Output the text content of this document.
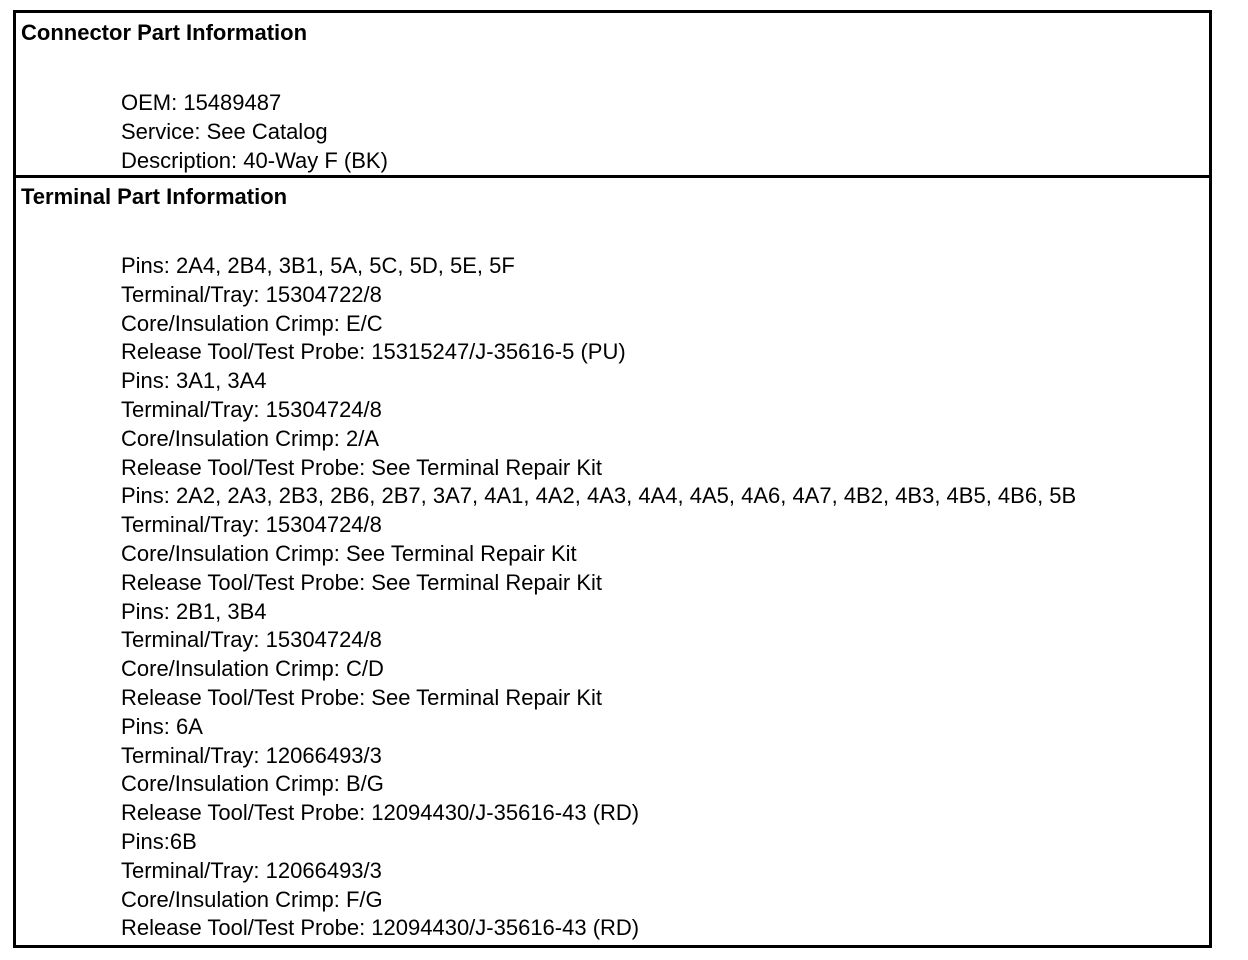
Connector Part Information
OEM: 15489487
Service: See Catalog
Description: 40-Way F (BK)
Terminal Part Information
Pins: 2A4, 2B4, 3B1, 5A, 5C, 5D, 5E, 5F
Terminal/Tray: 15304722/8
Core/Insulation Crimp: E/C
Release Tool/Test Probe: 15315247/J-35616-5 (PU)
Pins: 3A1, 3A4
Terminal/Tray: 15304724/8
Core/Insulation Crimp: 2/A
Release Tool/Test Probe: See Terminal Repair Kit
Pins: 2A2, 2A3, 2B3, 2B6, 2B7, 3A7, 4A1, 4A2, 4A3, 4A4, 4A5, 4A6, 4A7, 4B2, 4B3, 4B5, 4B6, 5B
Terminal/Tray: 15304724/8
Core/Insulation Crimp: See Terminal Repair Kit
Release Tool/Test Probe: See Terminal Repair Kit
Pins: 2B1, 3B4
Terminal/Tray: 15304724/8
Core/Insulation Crimp: C/D
Release Tool/Test Probe: See Terminal Repair Kit
Pins: 6A
Terminal/Tray: 12066493/3
Core/Insulation Crimp: B/G
Release Tool/Test Probe: 12094430/J-35616-43 (RD)
Pins:6B
Terminal/Tray: 12066493/3
Core/Insulation Crimp: F/G
Release Tool/Test Probe: 12094430/J-35616-43 (RD)
